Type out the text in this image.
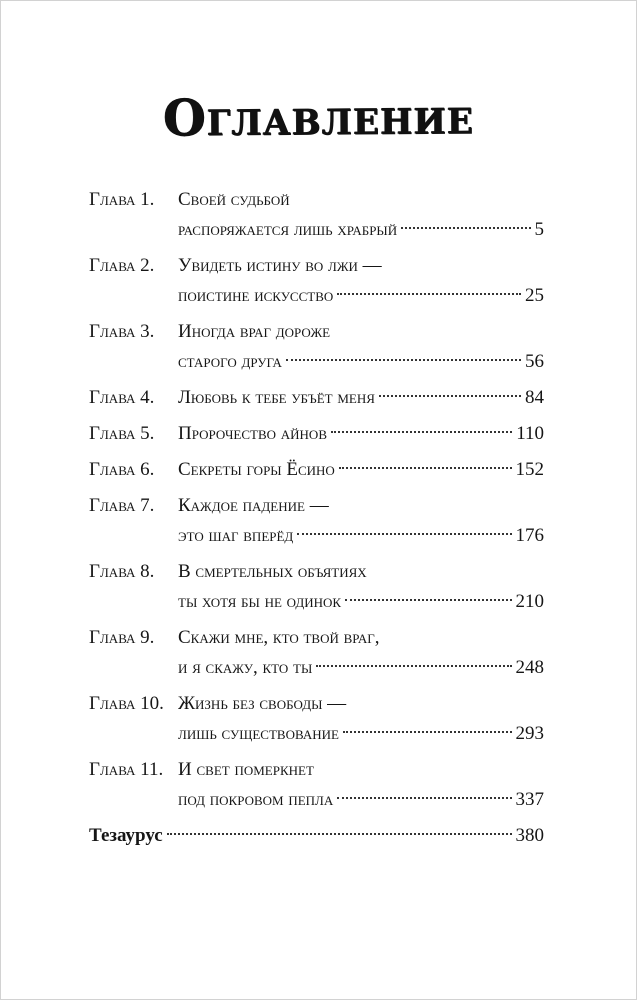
Оглавление
Глава 1. Своей судьбой
распоряжается лишь храбрый	5
Глава 2. Увидеть истину во лжи —
поистине искусство	25
Глава 3. Иногда враг дороже
старого друга	56
Глава 4. Любовь к тебе убъёт меня	84
Глава 5. Пророчество айнов	110
Глава 6. Секреты горы Ёсино	152
Глава 7. Каждое падение —
это шаг вперёд	176
Глава 8. В смертельных объятиях
ты хотя бы не одинок	210
Глава 9. Скажи мне, кто твой враг,
и я скажу, кто ты	248
Глава 10. Жизнь без свободы —
лишь существование	293
Глава 11. И свет померкнет
под покровом пепла	337
Тезаурус	380
